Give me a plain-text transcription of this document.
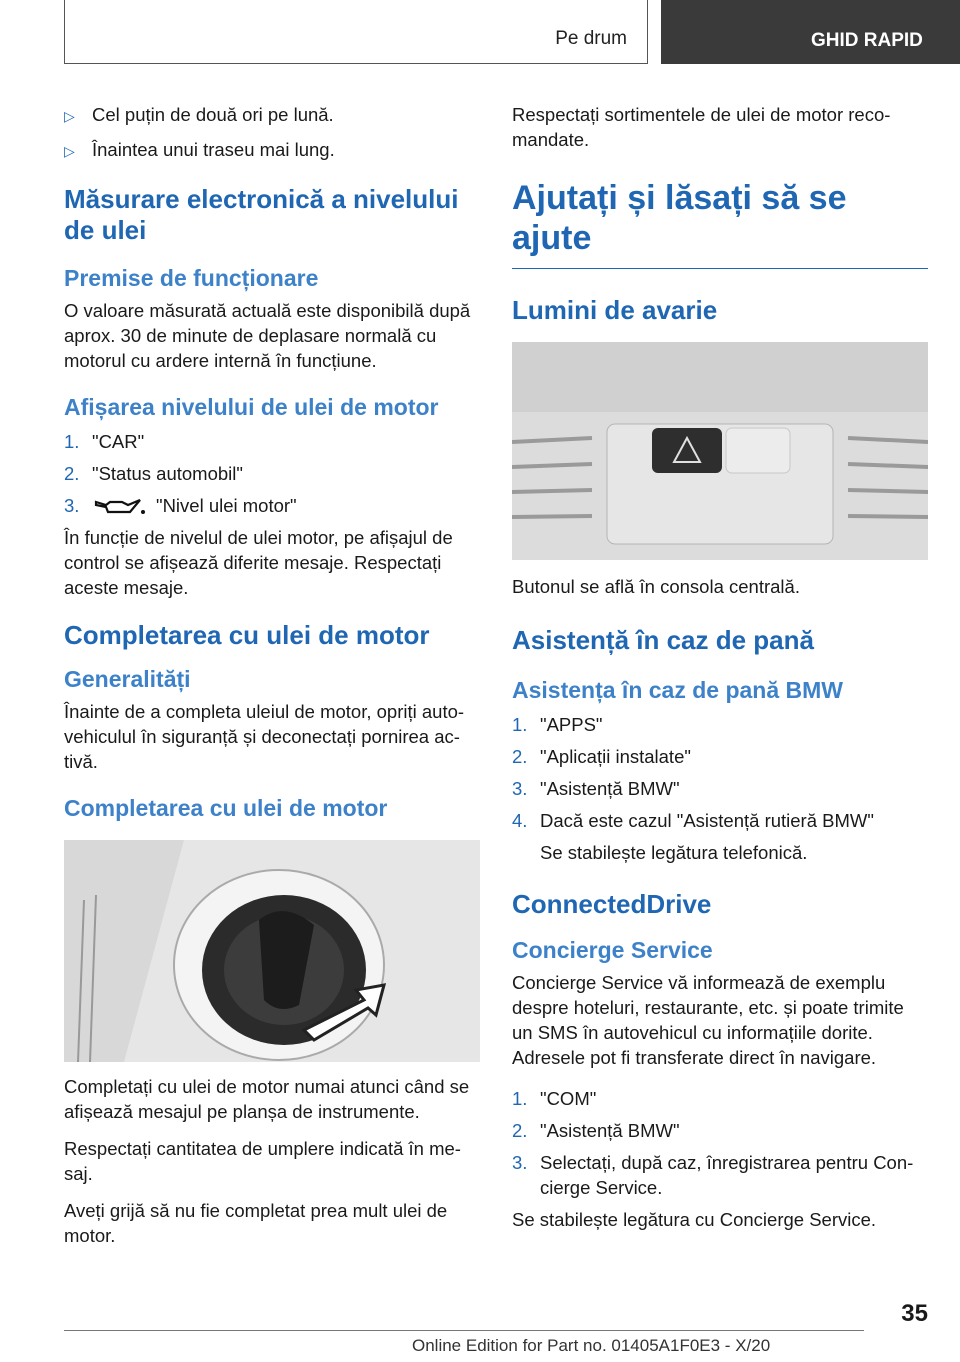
Pe drum	GHID RAPID
▷ Cel puțin de două ori pe lună.
▷ Înaintea unui traseu mai lung.
Măsurare electronică a nivelului de ulei
Premise de funcționare

O valoare măsurată actuală este disponibilă după aprox. 30 de minute de deplasare normală cu motorul cu ardere internă în funcțiune.

Afișarea nivelului de ulei de motor
1. "CAR"
2. "Status automobil"
3.	"Nivel ulei motor"

În funcție de nivelul de ulei motor, pe afișajul de control se afișează diferite mesaje. Respectați aceste mesaje.

Completarea cu ulei de motor
Generalități

Înainte de a completa uleiul de motor, opriți auto-vehiculul în siguranță și deconectați pornirea ac-tivă.

Completarea cu ulei de motor

Completați cu ulei de motor numai atunci când se afișează mesajul pe planșa de instrumente.

Respectați cantitatea de umplere indicată în me-saj.

Aveți grijă să nu fie completat prea mult ulei de motor.

Respectați sortimentele de ulei de motor reco-mandate.

Ajutați și lăsați să se ajute
Lumini de avarie

Butonul se află în consola centrală.

Asistență în caz de pană
Asistența în caz de pană BMW
1. "APPS"
2. "Aplicații instalate"
3. "Asistență BMW"
4. Dacă este cazul "Asistență rutieră BMW"

Se stabilește legătura telefonică.

ConnectedDrive
Concierge Service

Concierge Service vă informează de exemplu despre hoteluri, restaurante, etc. și poate trimite un SMS în autovehicul cu informațiile dorite. Adresele pot fi transferate direct în navigare.

1. "COM"
2. "Asistență BMW"
3. Selectați, după caz, înregistrarea pentru Con-cierge Service.

Se stabilește legătura cu Concierge Service.

35
Online Edition for Part no. 01405A1F0E3 - X/20
